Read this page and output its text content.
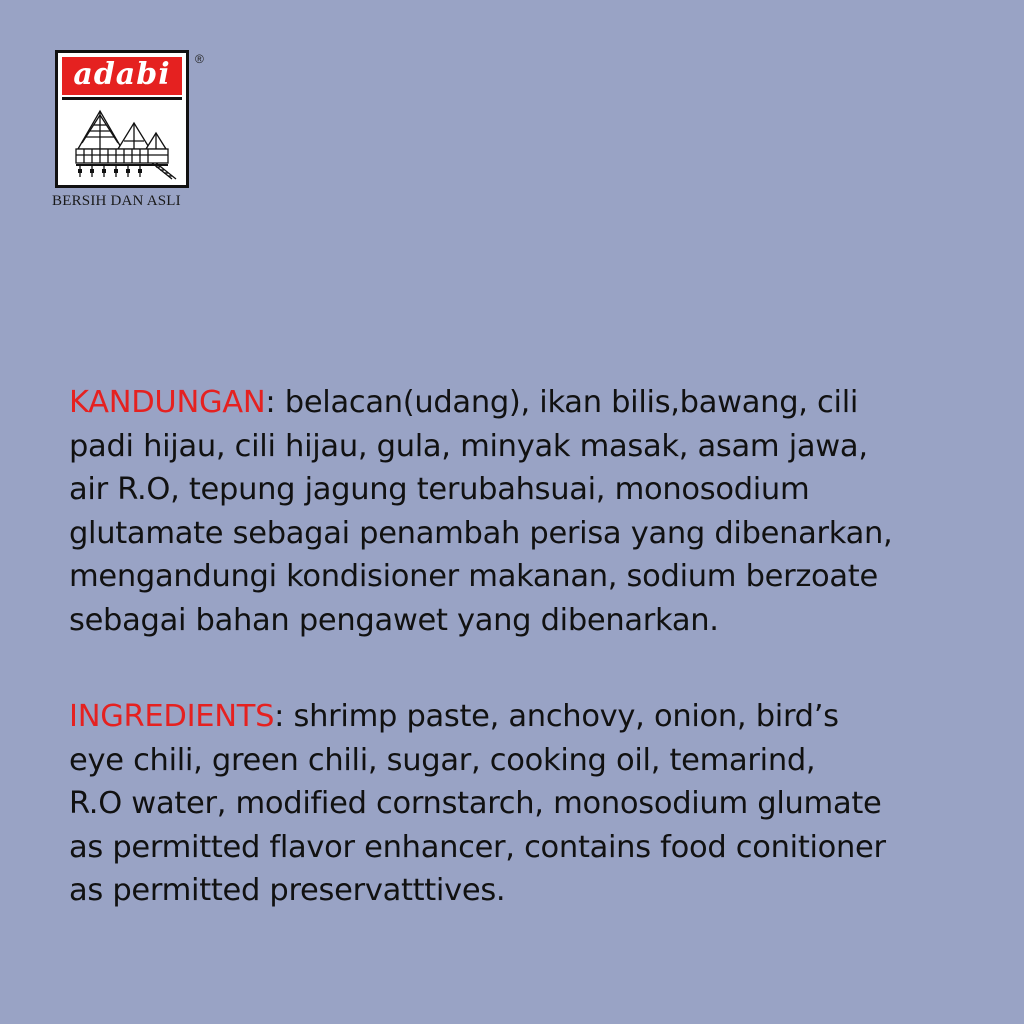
adabi ®
BERSIH DAN ASLI

KANDUNGAN: belacan(udang), ikan bilis,bawang, cili
padi hijau, cili hijau, gula, minyak masak, asam jawa,
air R.O, tepung jagung terubahsuai, monosodium
glutamate sebagai penambah perisa yang dibenarkan,
mengandungi kondisioner makanan, sodium berzoate
sebagai bahan pengawet yang dibenarkan.

INGREDIENTS: shrimp paste, anchovy, onion, bird’s
eye chili, green chili, sugar, cooking oil, temarind,
R.O water, modified cornstarch, monosodium glumate
as permitted flavor enhancer, contains food conitioner
as permitted preservatttives.
